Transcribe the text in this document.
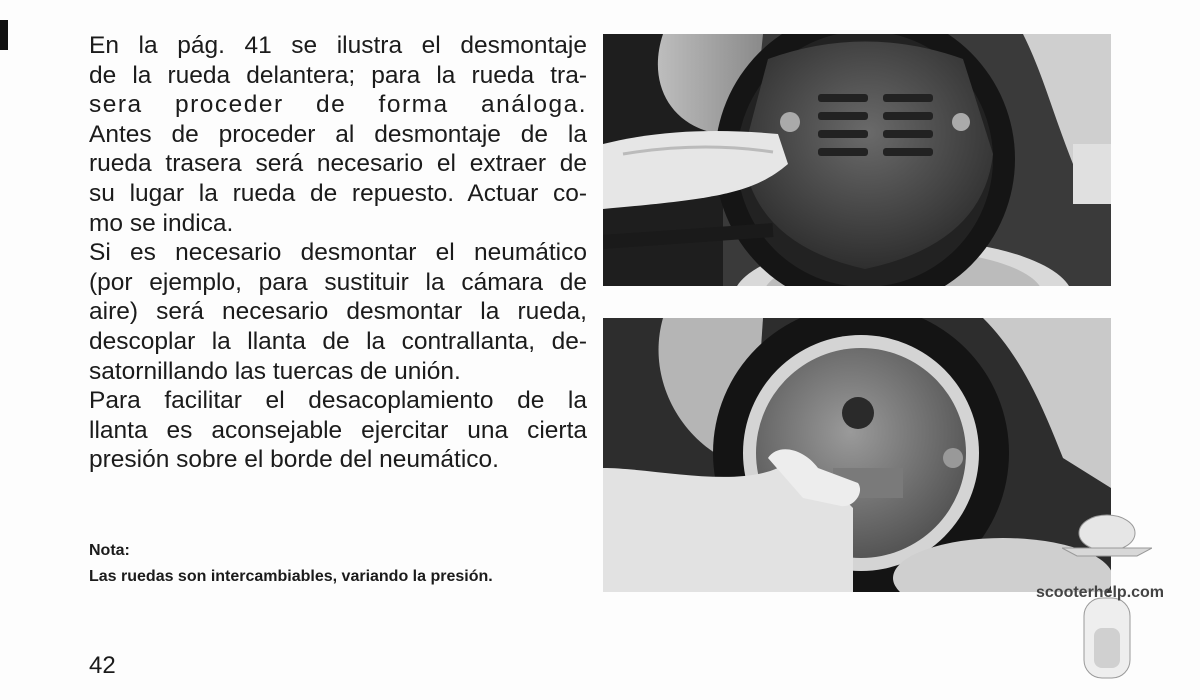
En la pág. 41 se ilustra el desmontaje
de la rueda delantera; para la rueda tra-
sera proceder de forma análoga.
Antes de proceder al desmontaje de la
rueda trasera será necesario el extraer de
su lugar la rueda de repuesto. Actuar co-
mo se indica.
Si es necesario desmontar el neumático
(por ejemplo, para sustituir la cámara de
aire) será necesario desmontar la rueda,
descoplar la llanta de la contrallanta, de-
satornillando las tuercas de unión.
Para facilitar el desacoplamiento de la
llanta es aconsejable ejercitar una cierta
presión sobre el borde del neumático.

Nota:
Las ruedas son intercambiables, variando la presión.
42
scooterhelp.com
